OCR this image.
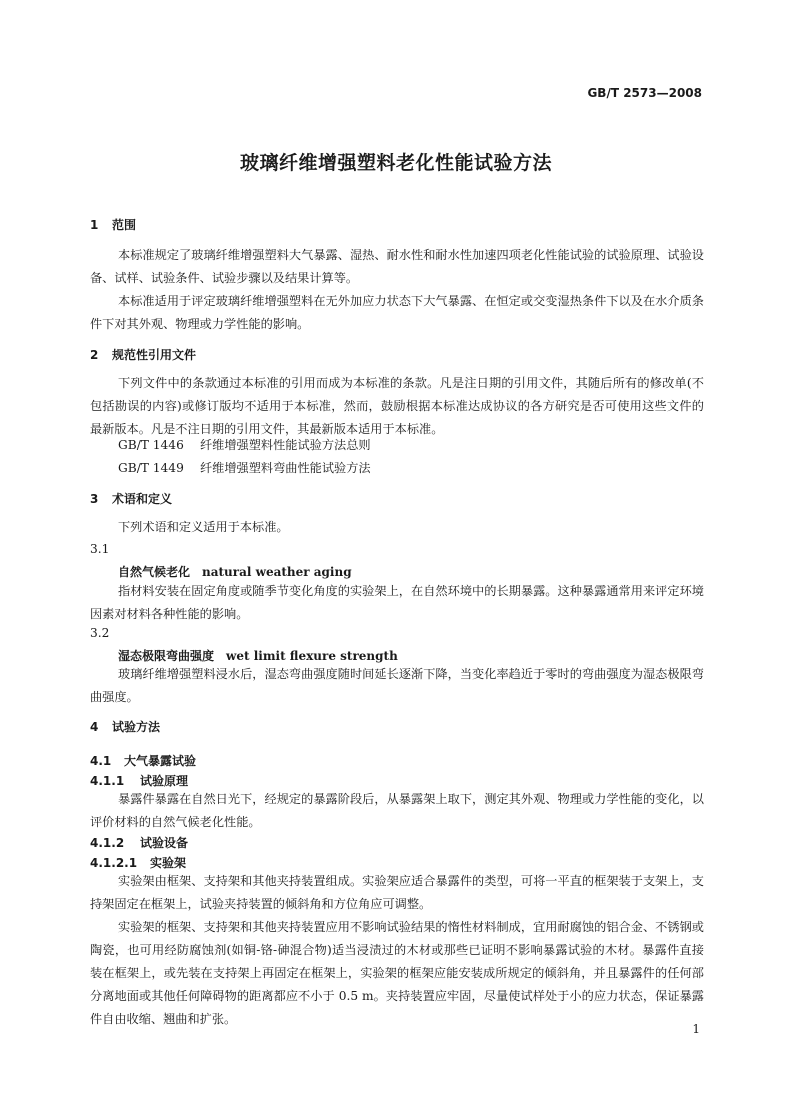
GB/T 2573—2008
玻璃纤维增强塑料老化性能试验方法
1 范围
本标准规定了玻璃纤维增强塑料大气暴露、湿热、耐水性和耐水性加速四项老化性能试验的试验原理、试验设备、试样、试验条件、试验步骤以及结果计算等。
本标准适用于评定玻璃纤维增强塑料在无外加应力状态下大气暴露、在恒定或交变湿热条件下以及在水介质条件下对其外观、物理或力学性能的影响。
2 规范性引用文件
下列文件中的条款通过本标准的引用而成为本标准的条款。凡是注日期的引用文件，其随后所有的修改单(不包括勘误的内容)或修订版均不适用于本标准，然而，鼓励根据本标准达成协议的各方研究是否可使用这些文件的最新版本。凡是不注日期的引用文件，其最新版本适用于本标准。
GB/T 1446 纤维增强塑料性能试验方法总则
GB/T 1449 纤维增强塑料弯曲性能试验方法
3 术语和定义
下列术语和定义适用于本标准。
3.1
自然气候老化 natural weather aging
指材料安装在固定角度或随季节变化角度的实验架上，在自然环境中的长期暴露。这种暴露通常用来评定环境因素对材料各种性能的影响。
3.2
湿态极限弯曲强度 wet limit flexure strength
玻璃纤维增强塑料浸水后，湿态弯曲强度随时间延长逐渐下降，当变化率趋近于零时的弯曲强度为湿态极限弯曲强度。
4 试验方法
4.1 大气暴露试验
4.1.1 试验原理
暴露件暴露在自然日光下，经规定的暴露阶段后，从暴露架上取下，测定其外观、物理或力学性能的变化，以评价材料的自然气候老化性能。
4.1.2 试验设备
4.1.2.1 实验架
实验架由框架、支持架和其他夹持装置组成。实验架应适合暴露件的类型，可将一平直的框架装于支架上，支持架固定在框架上，试验夹持装置的倾斜角和方位角应可调整。
实验架的框架、支持架和其他夹持装置应用不影响试验结果的惰性材料制成，宜用耐腐蚀的铝合金、不锈钢或陶瓷，也可用经防腐蚀剂(如铜-铬-砷混合物)适当浸渍过的木材或那些已证明不影响暴露试验的木材。暴露件直接装在框架上，或先装在支持架上再固定在框架上，实验架的框架应能安装成所规定的倾斜角，并且暴露件的任何部分离地面或其他任何障碍物的距离都应不小于 0.5 m。夹持装置应牢固，尽量使试样处于小的应力状态，保证暴露件自由收缩、翘曲和扩张。
1
